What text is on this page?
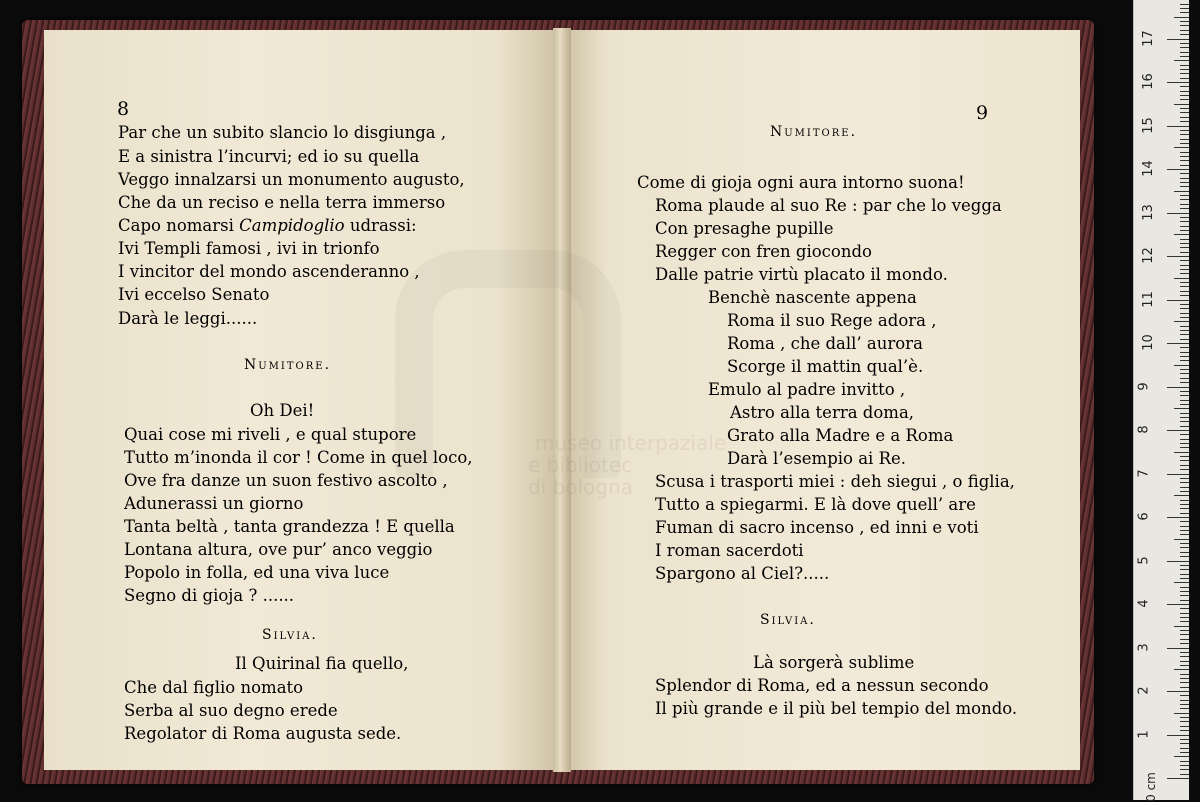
museo interpaziale
e bibliotec
di bologna
8
Par che un subito slancio lo disgiunga ,
E a sinistra l’incurvi; ed io su quella
Veggo innalzarsi un monumento augusto,
Che da un reciso e nella terra immerso
Capo nomarsi Campidoglio udrassi:
Ivi Templi famosi , ivi in trionfo
I vincitor del mondo ascenderanno ,
Ivi eccelso Senato
Darà le leggi......
Numitore.
Oh Dei!
Quai cose mi riveli , e qual stupore
Tutto m’inonda il cor ! Come in quel loco,
Ove fra danze un suon festivo ascolto ,
Adunerassi un giorno
Tanta beltà , tanta grandezza ! E quella
Lontana altura, ove pur’ anco veggio
Popolo in folla, ed una viva luce
Segno di gioja ? ......
Silvia.
Il Quirinal fia quello,
Che dal figlio nomato
Serba al suo degno erede
Regolator di Roma augusta sede.
9
Numitore.
Come di gioja ogni aura intorno suona!
Roma plaude al suo Re : par che lo vegga
Con presaghe pupille
Regger con fren giocondo
Dalle patrie virtù placato il mondo.
Benchè nascente appena
Roma il suo Rege adora ,
Roma , che dall’ aurora
Scorge il mattin qual’è.
Emulo al padre invitto ,
Astro alla terra doma,
Grato alla Madre e a Roma
Darà l’esempio ai Re.
Scusa i trasporti miei : deh siegui , o figlia,
Tutto a spiegarmi. E là dove quell’ are
Fuman di sacro incenso , ed inni e voti
I roman sacerdoti
Spargono al Ciel?.....
Silvia.
Là sorgerà sublime
Splendor di Roma, ed a nessun secondo
Il più grande e il più bel tempio del mondo.
0 cm
1
2
3
4
5
6
7
8
9
10
11
12
13
14
15
16
17
